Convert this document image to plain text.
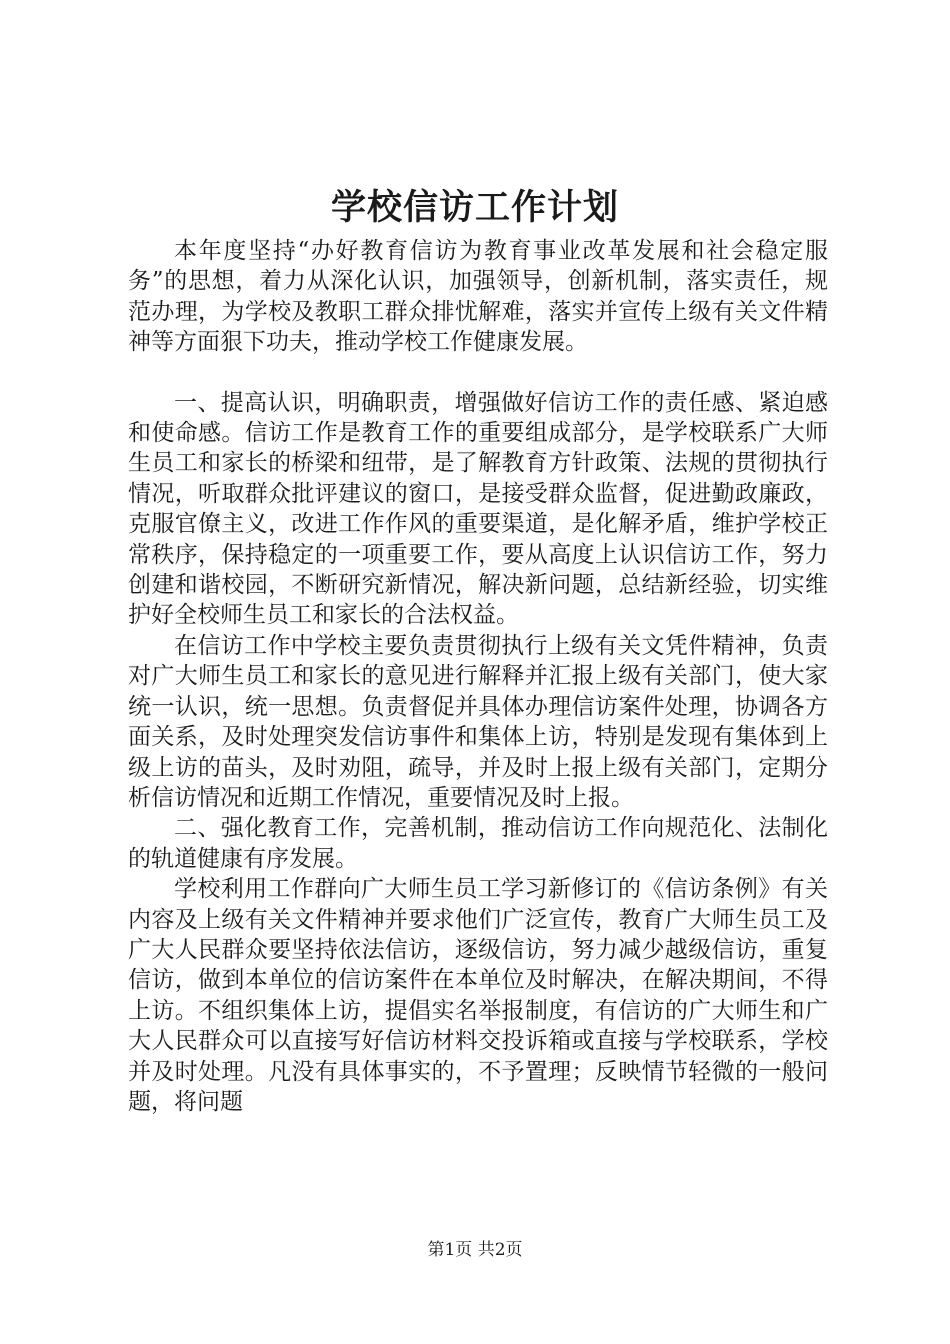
学校信访工作计划

本年度坚持“办好教育信访为教育事业改革发展和社会稳定服务”的思想，着力从深化认识，加强领导，创新机制，落实责任，规范办理，为学校及教职工群众排忧解难，落实并宣传上级有关文件精神等方面狠下功夫，推动学校工作健康发展。

一、提高认识，明确职责，增强做好信访工作的责任感、紧迫感和使命感。信访工作是教育工作的重要组成部分，是学校联系广大师生员工和家长的桥梁和纽带，是了解教育方针政策、法规的贯彻执行情况，听取群众批评建议的窗口，是接受群众监督，促进勤政廉政，克服官僚主义，改进工作作风的重要渠道，是化解矛盾，维护学校正常秩序，保持稳定的一项重要工作，要从高度上认识信访工作，努力创建和谐校园，不断研究新情况，解决新问题，总结新经验，切实维护好全校师生员工和家长的合法权益。

在信访工作中学校主要负责贯彻执行上级有关文凭件精神，负责对广大师生员工和家长的意见进行解释并汇报上级有关部门，使大家统一认识，统一思想。负责督促并具体办理信访案件处理，协调各方面关系，及时处理突发信访事件和集体上访，特别是发现有集体到上级上访的苗头，及时劝阻，疏导，并及时上报上级有关部门，定期分析信访情况和近期工作情况，重要情况及时上报。

二、强化教育工作，完善机制，推动信访工作向规范化、法制化的轨道健康有序发展。

学校利用工作群向广大师生员工学习新修订的《信访条例》有关内容及上级有关文件精神并要求他们广泛宣传，教育广大师生员工及广大人民群众要坚持依法信访，逐级信访，努力减少越级信访，重复信访，做到本单位的信访案件在本单位及时解决，在解决期间，不得上访。不组织集体上访，提倡实名举报制度，有信访的广大师生和广大人民群众可以直接写好信访材料交投诉箱或直接与学校联系，学校并及时处理。凡没有具体事实的，不予置理；反映情节轻微的一般问题，将问题

第1页 共2页
